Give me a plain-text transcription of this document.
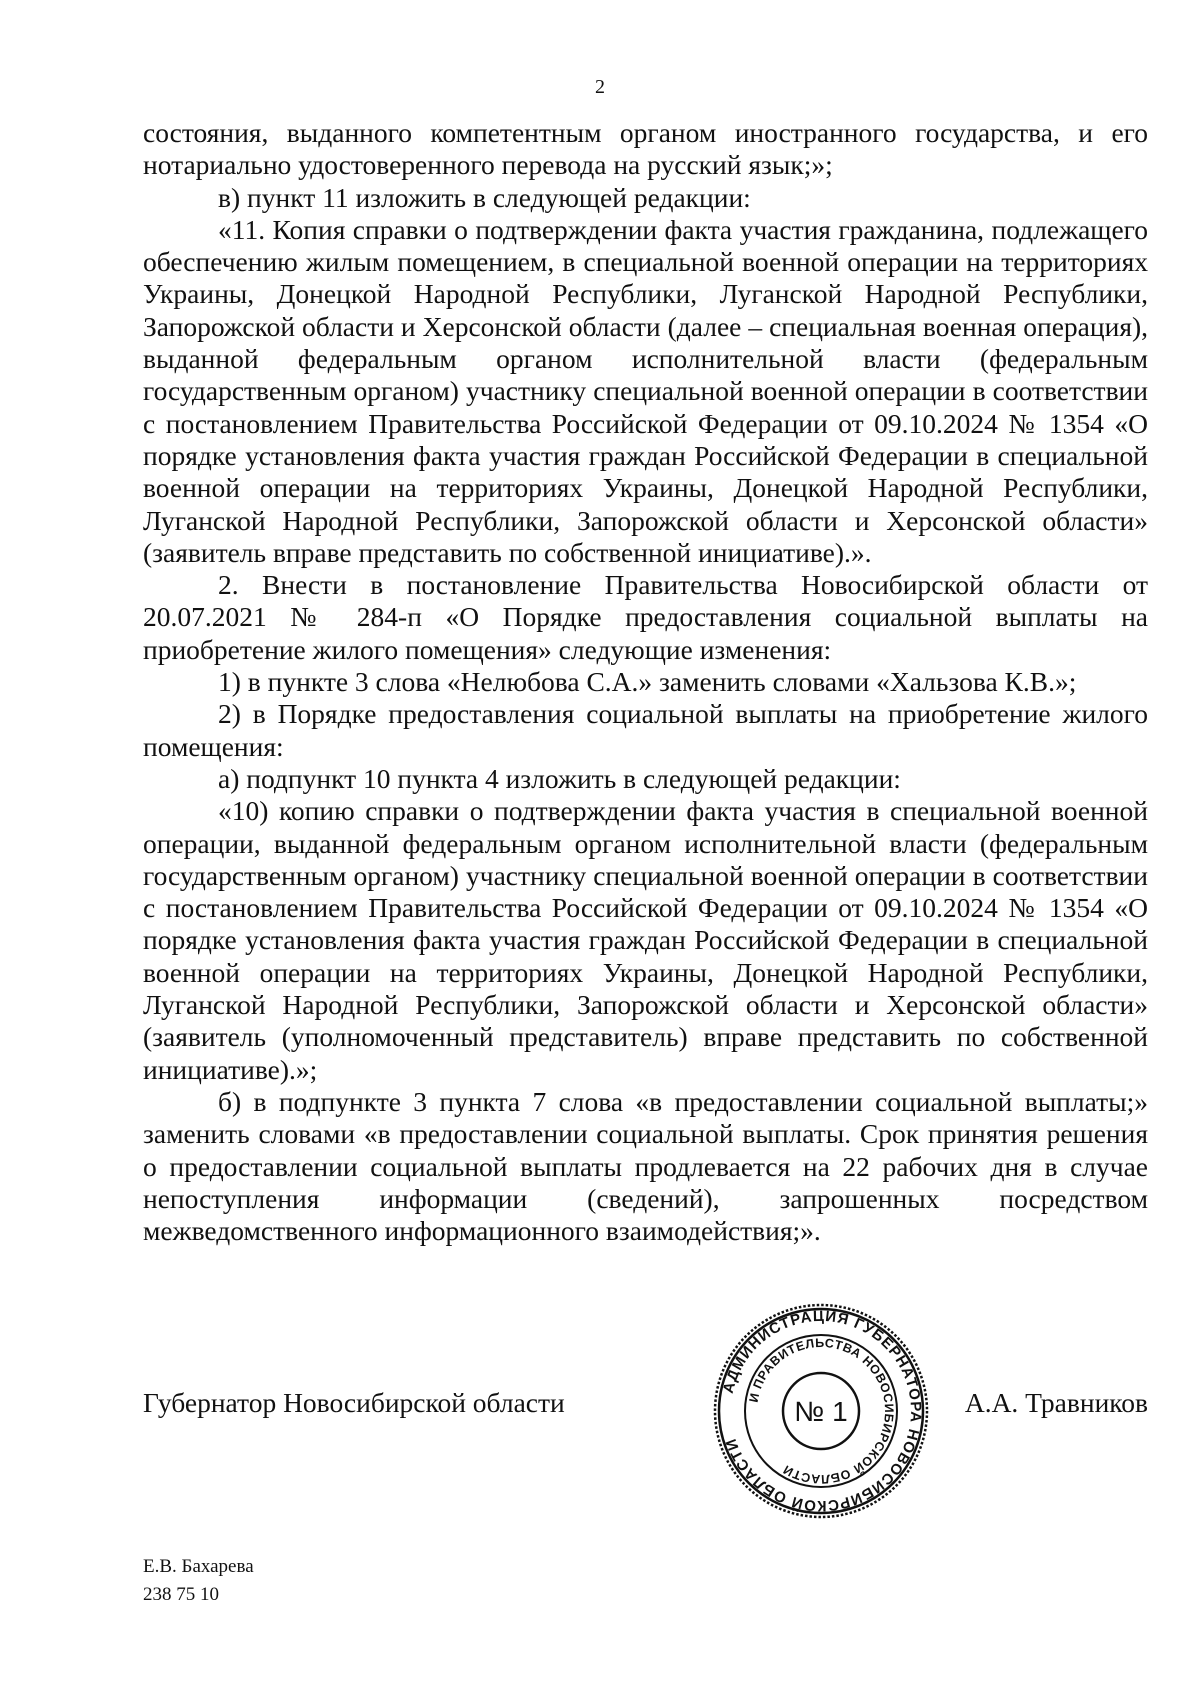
2

состояния, выданного компетентным органом иностранного государства, и его нотариально удостоверенного перевода на русский язык;»;

в) пункт 11 изложить в следующей редакции:

«11. Копия справки о подтверждении факта участия гражданина, подлежащего обеспечению жилым помещением, в специальной военной операции на территориях Украины, Донецкой Народной Республики, Луганской Народной Республики, Запорожской области и Херсонской области (далее – специальная военная операция), выданной федеральным органом исполнительной власти (федеральным государственным органом) участнику специальной военной операции в соответствии с постановлением Правительства Российской Федерации от 09.10.2024 № 1354 «О порядке установления факта участия граждан Российской Федерации в специальной военной операции на территориях Украины, Донецкой Народной Республики, Луганской Народной Республики, Запорожской области и Херсонской области» (заявитель вправе представить по собственной инициативе).».

2. Внести в постановление Правительства Новосибирской области от 20.07.2021 № 284-п «О Порядке предоставления социальной выплаты на приобретение жилого помещения» следующие изменения:

1) в пункте 3 слова «Нелюбова С.А.» заменить словами «Хальзова К.В.»;

2) в Порядке предоставления социальной выплаты на приобретение жилого помещения:

а) подпункт 10 пункта 4 изложить в следующей редакции:

«10) копию справки о подтверждении факта участия в специальной военной операции, выданной федеральным органом исполнительной власти (федеральным государственным органом) участнику специальной военной операции в соответствии с постановлением Правительства Российской Федерации от 09.10.2024 № 1354 «О порядке установления факта участия граждан Российской Федерации в специальной военной операции на территориях Украины, Донецкой Народной Республики, Луганской Народной Республики, Запорожской области и Херсонской области» (заявитель (уполномоченный представитель) вправе представить по собственной инициативе).»;

б) в подпункте 3 пункта 7 слова «в предоставлении социальной выплаты;» заменить словами «в предоставлении социальной выплаты. Срок принятия решения о предоставлении социальной выплаты продлевается на 22 рабочих дня в случае непоступления информации (сведений), запрошенных посредством межведомственного информационного взаимодействия;».

Губернатор Новосибирской области	А.А. Травников
АДМИНИСТРАЦИЯ ГУБЕРНАТОРА НОВОСИБИРСКОЙ ОБЛАСТИ
И ПРАВИТЕЛЬСТВА НОВОСИБИРСКОЙ ОБЛАСТИ
№ 1
Е.В. Бахарева
238 75 10
